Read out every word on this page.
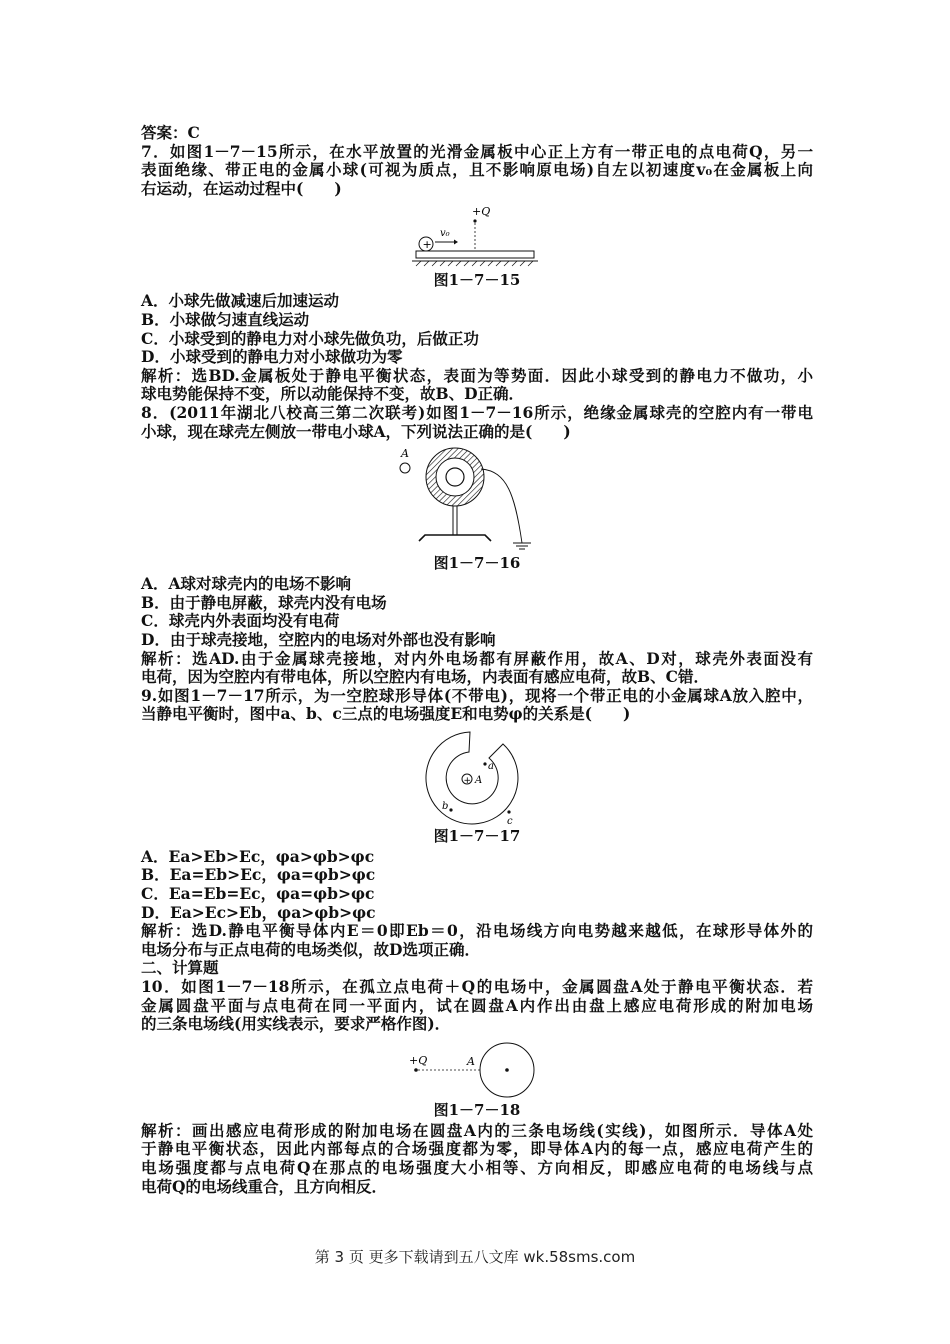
答案：C
7．如图1－7－15所示，在水平放置的光滑金属板中心正上方有一带正电的点电荷Q，另一
表面绝缘、带正电的金属小球(可视为质点，且不影响原电场)自左以初速度v₀在金属板上向
右运动，在运动过程中(　　)
+Q
+
v₀
图1－7－15
A．小球先做减速后加速运动
B．小球做匀速直线运动
C．小球受到的静电力对小球先做负功，后做正功
D．小球受到的静电力对小球做功为零
解析：选BD.金属板处于静电平衡状态，表面为等势面．因此小球受到的静电力不做功，小
球电势能保持不变，所以动能保持不变，故B、D正确．
8．(2011年湖北八校高三第二次联考)如图1－7－16所示，绝缘金属球壳的空腔内有一带电
小球，现在球壳左侧放一带电小球A，下列说法正确的是(　　)
A
图1－7－16
A．A球对球壳内的电场不影响
B．由于静电屏蔽，球壳内没有电场
C．球壳内外表面均没有电荷
D．由于球壳接地，空腔内的电场对外部也没有影响
解析：选AD.由于金属球壳接地，对内外电场都有屏蔽作用，故A、D对，球壳外表面没有
电荷，因为空腔内有带电体，所以空腔内有电场，内表面有感应电荷，故B、C错．
9.如图1－7－17所示，为一空腔球形导体(不带电)，现将一个带正电的小金属球A放入腔中，
当静电平衡时，图中a、b、c三点的电场强度E和电势φ的关系是(　　)
+ A
a
b
c
图1－7－17
A．Ea>Eb>Ec，φa>φb>φc
B．Ea=Eb>Ec，φa=φb>φc
C．Ea=Eb=Ec，φa=φb>φc
D．Ea>Ec>Eb，φa>φb>φc
解析：选D.静电平衡导体内E＝0即Eb＝0，沿电场线方向电势越来越低，在球形导体外的
电场分布与正点电荷的电场类似，故D选项正确．
二、计算题
10．如图1－7－18所示，在孤立点电荷＋Q的电场中，金属圆盘A处于静电平衡状态．若
金属圆盘平面与点电荷在同一平面内，试在圆盘A内作出由盘上感应电荷形成的附加电场
的三条电场线(用实线表示，要求严格作图)．
+Q	A
图1－7－18
解析：画出感应电荷形成的附加电场在圆盘A内的三条电场线(实线)，如图所示．导体A处
于静电平衡状态，因此内部每点的合场强度都为零，即导体A内的每一点，感应电荷产生的
电场强度都与点电荷Q在那点的电场强度大小相等、方向相反，即感应电荷的电场线与点
电荷Q的电场线重合，且方向相反．
第 3 页 更多下载请到五八文库 wk.58sms.com
